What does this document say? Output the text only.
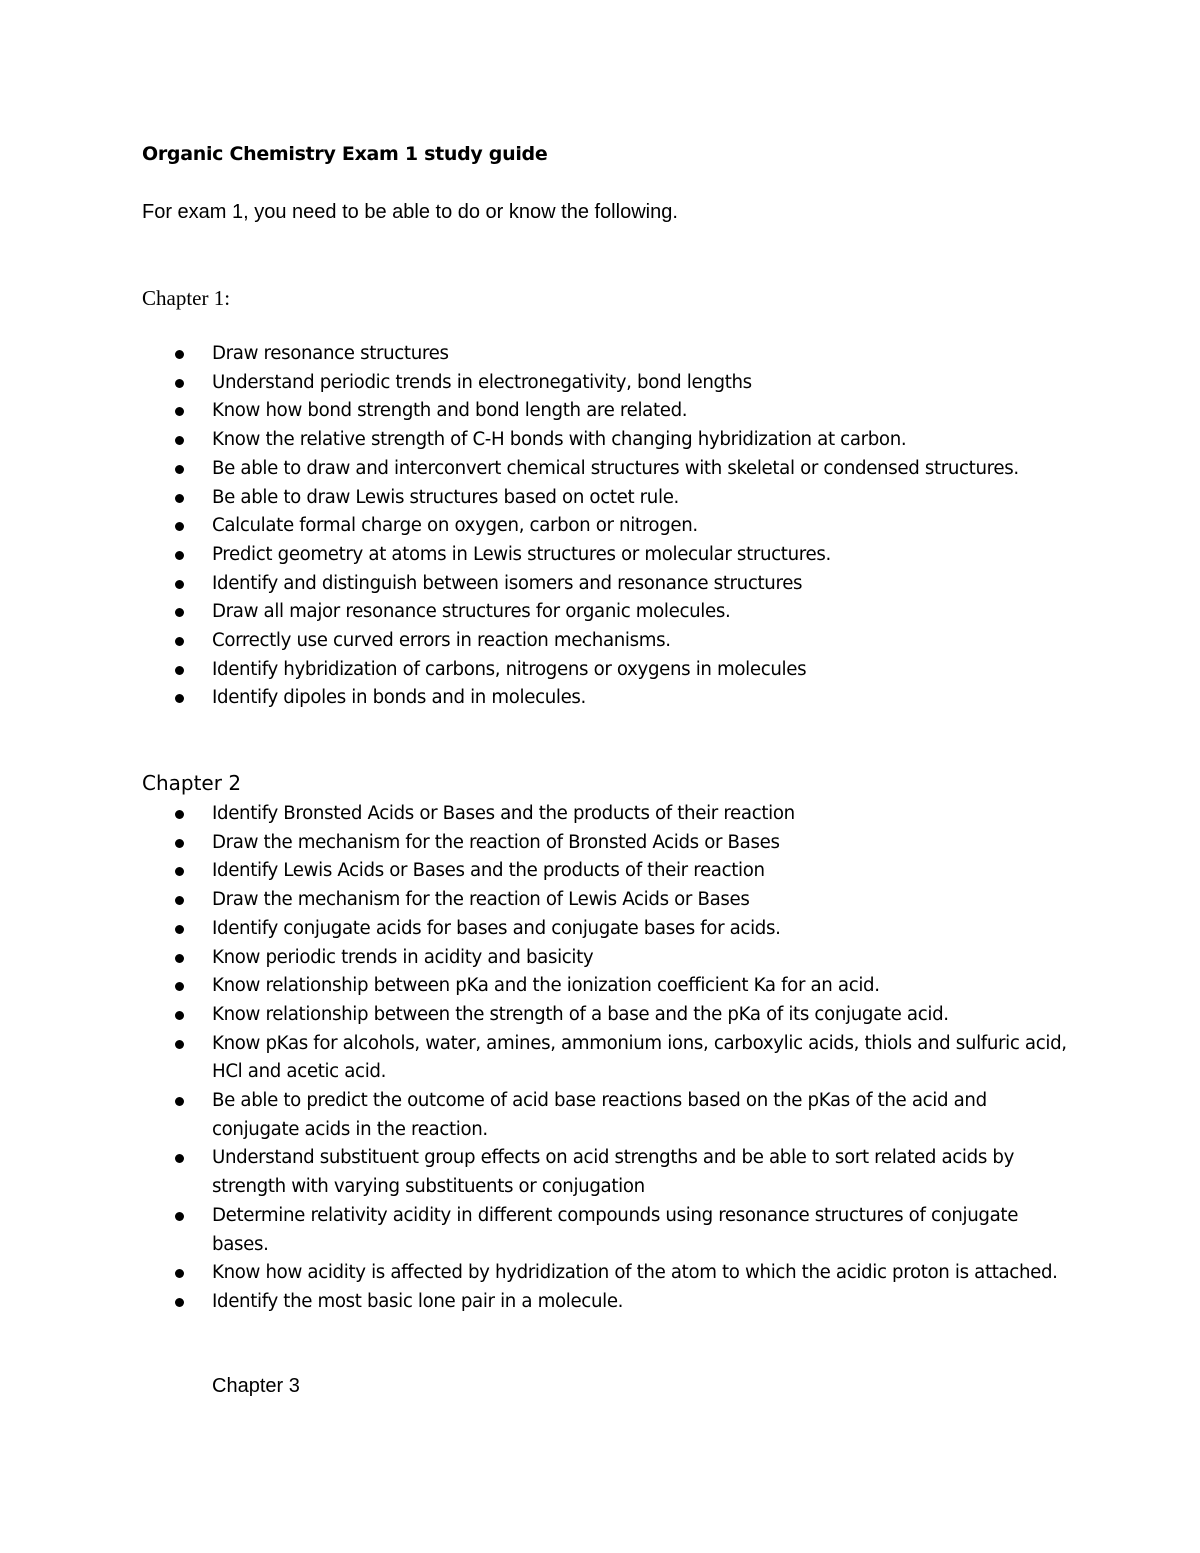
Organic Chemistry Exam 1 study guide
For exam 1, you need to be able to do or know the following.
Chapter 1:
Draw resonance structures
Understand periodic trends in electronegativity, bond lengths
Know how bond strength and bond length are related.
Know the relative strength of C-H bonds with changing hybridization at carbon.
Be able to draw and interconvert chemical structures with skeletal or condensed structures.
Be able to draw Lewis structures based on octet rule.
Calculate formal charge on oxygen, carbon or nitrogen.
Predict geometry at atoms in Lewis structures or molecular structures.
Identify and distinguish between isomers and resonance structures
Draw all major resonance structures for organic molecules.
Correctly use curved errors in reaction mechanisms.
Identify hybridization of carbons, nitrogens or oxygens in molecules
Identify dipoles in bonds and in molecules.
Chapter 2
Identify Bronsted Acids or Bases and the products of their reaction
Draw the mechanism for the reaction of Bronsted Acids or Bases
Identify Lewis Acids or Bases and the products of their reaction
Draw the mechanism for the reaction of Lewis Acids or Bases
Identify conjugate acids for bases and conjugate bases for acids.
Know periodic trends in acidity and basicity
Know relationship between pKa and the ionization coefficient Ka for an acid.
Know relationship between the strength of a base and the pKa of its conjugate acid.
Know pKas for alcohols, water, amines, ammonium ions, carboxylic acids, thiols and sulfuric acid, HCl and acetic acid.
Be able to predict the outcome of acid base reactions based on the pKas of the acid and conjugate acids in the reaction.
Understand substituent group effects on acid strengths and be able to sort related acids by strength with varying substituents or conjugation
Determine relativity acidity in different compounds using resonance structures of conjugate bases.
Know how acidity is affected by hydridization of the atom to which the acidic proton is attached.
Identify the most basic lone pair in a molecule.
Chapter 3
